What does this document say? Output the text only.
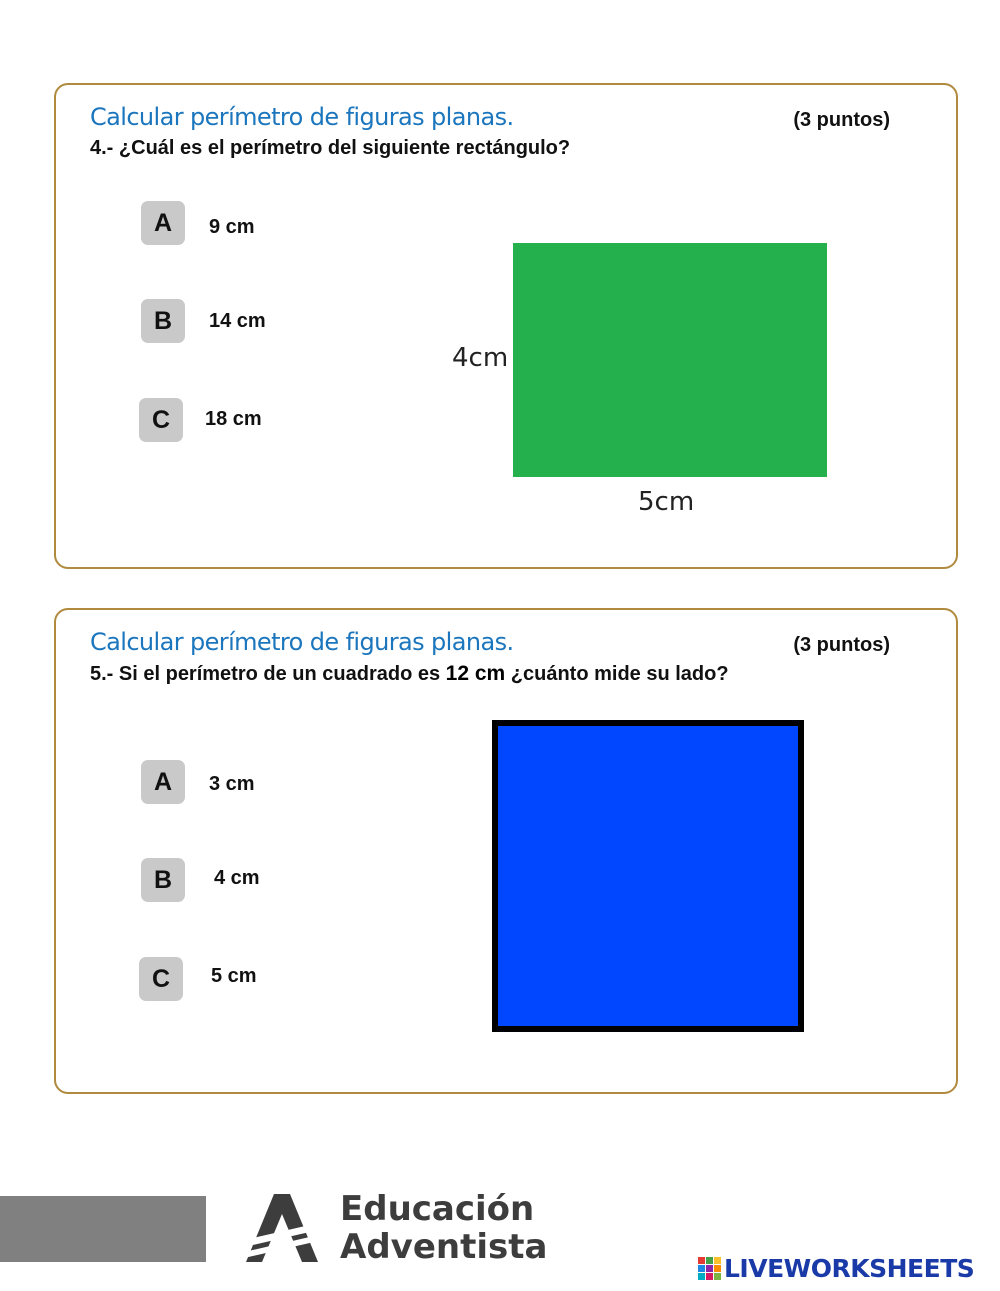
Calcular perímetro de figuras planas.	(3 puntos)

4.- ¿Cuál es el perímetro del siguiente rectángulo?

A	9 cm
B	14 cm
C	18 cm
4cm
5cm
Calcular perímetro de figuras planas.	(3 puntos)

5.- Si el perímetro de un cuadrado es 12 cm ¿cuánto mide su lado?

A	3 cm
B	4 cm
C	5 cm
Educación
Adventista
LIVEWORKSHEETS
